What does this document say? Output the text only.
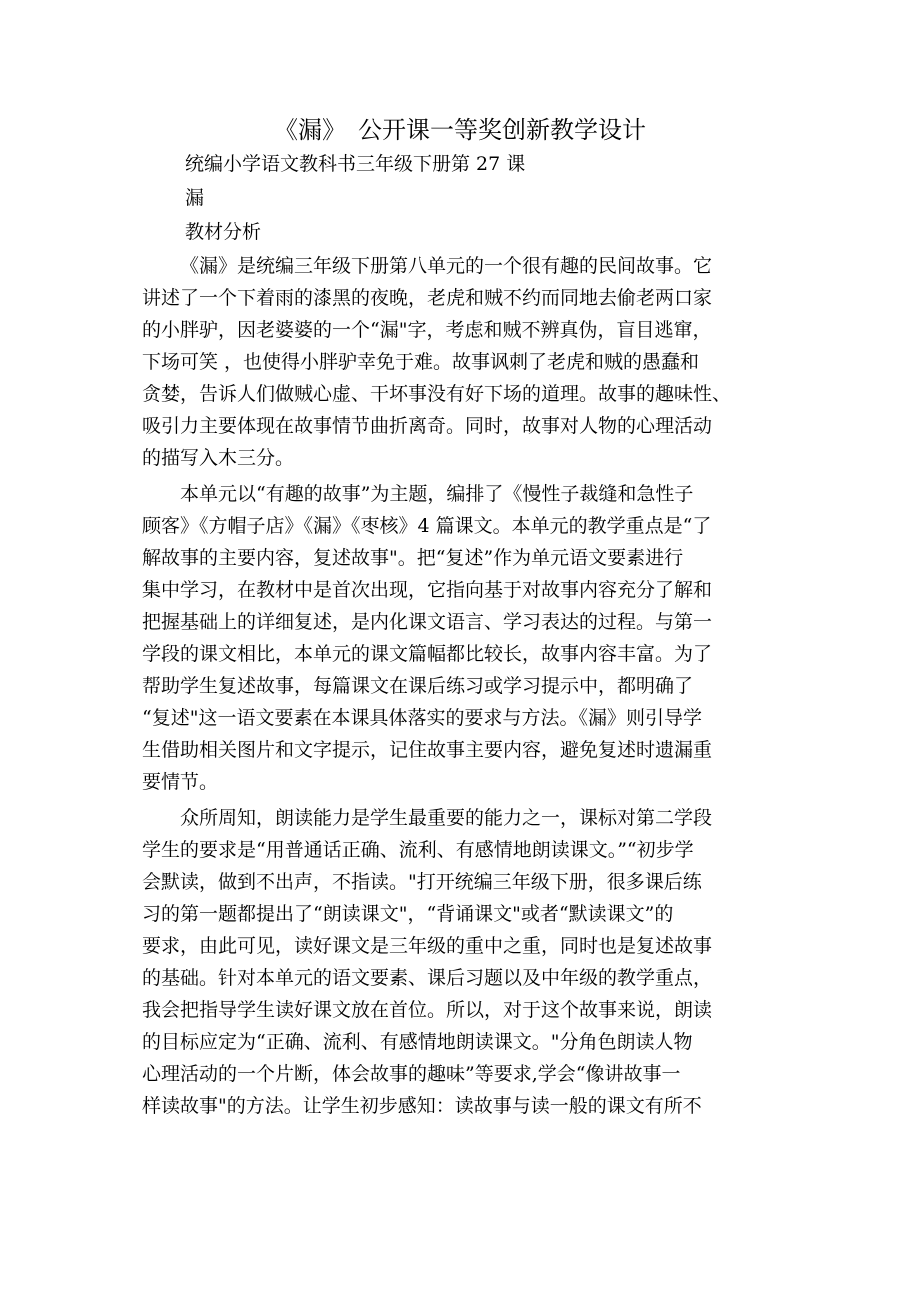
《漏》　公开课一等奖创新教学设计
统编小学语文教科书三年级下册第 27 课
漏
教材分析
《漏》是统编三年级下册第八单元的一个很有趣的民间故事。它
讲述了一个下着雨的漆黑的夜晚，老虎和贼不约而同地去偷老两口家
的小胖驴，因老婆婆的一个“漏"字，考虑和贼不辨真伪，盲目逃窜，
下场可笑 ，也使得小胖驴幸免于难。故事讽刺了老虎和贼的愚蠢和
贪婪，告诉人们做贼心虚、干坏事没有好下场的道理。故事的趣味性、
吸引力主要体现在故事情节曲折离奇。同时，故事对人物的心理活动
的描写入木三分。
本单元以“有趣的故事”为主题，编排了《慢性子裁缝和急性子
顾客》《方帽子店》《漏》《枣核》4 篇课文。本单元的教学重点是“了
解故事的主要内容，复述故事"。把“复述”作为单元语文要素进行
集中学习，在教材中是首次出现，它指向基于对故事内容充分了解和
把握基础上的详细复述，是内化课文语言、学习表达的过程。与第一
学段的课文相比，本单元的课文篇幅都比较长，故事内容丰富。为了
帮助学生复述故事，每篇课文在课后练习或学习提示中，都明确了
“复述"这一语文要素在本课具体落实的要求与方法。《漏》则引导学
生借助相关图片和文字提示，记住故事主要内容，避免复述时遗漏重
要情节。
众所周知，朗读能力是学生最重要的能力之一，课标对第二学段
学生的要求是“用普通话正确、流利、有感情地朗读课文。”“初步学
会默读，做到不出声，不指读。"打开统编三年级下册，很多课后练
习的第一题都提出了“朗读课文"，“背诵课文"或者“默读课文”的
要求，由此可见，读好课文是三年级的重中之重，同时也是复述故事
的基础。针对本单元的语文要素、课后习题以及中年级的教学重点，
我会把指导学生读好课文放在首位。所以，对于这个故事来说，朗读
的目标应定为“正确、流利、有感情地朗读课文。"分角色朗读人物
心理活动的一个片断，体会故事的趣味”等要求,学会“像讲故事一
样读故事"的方法。让学生初步感知：读故事与读一般的课文有所不
